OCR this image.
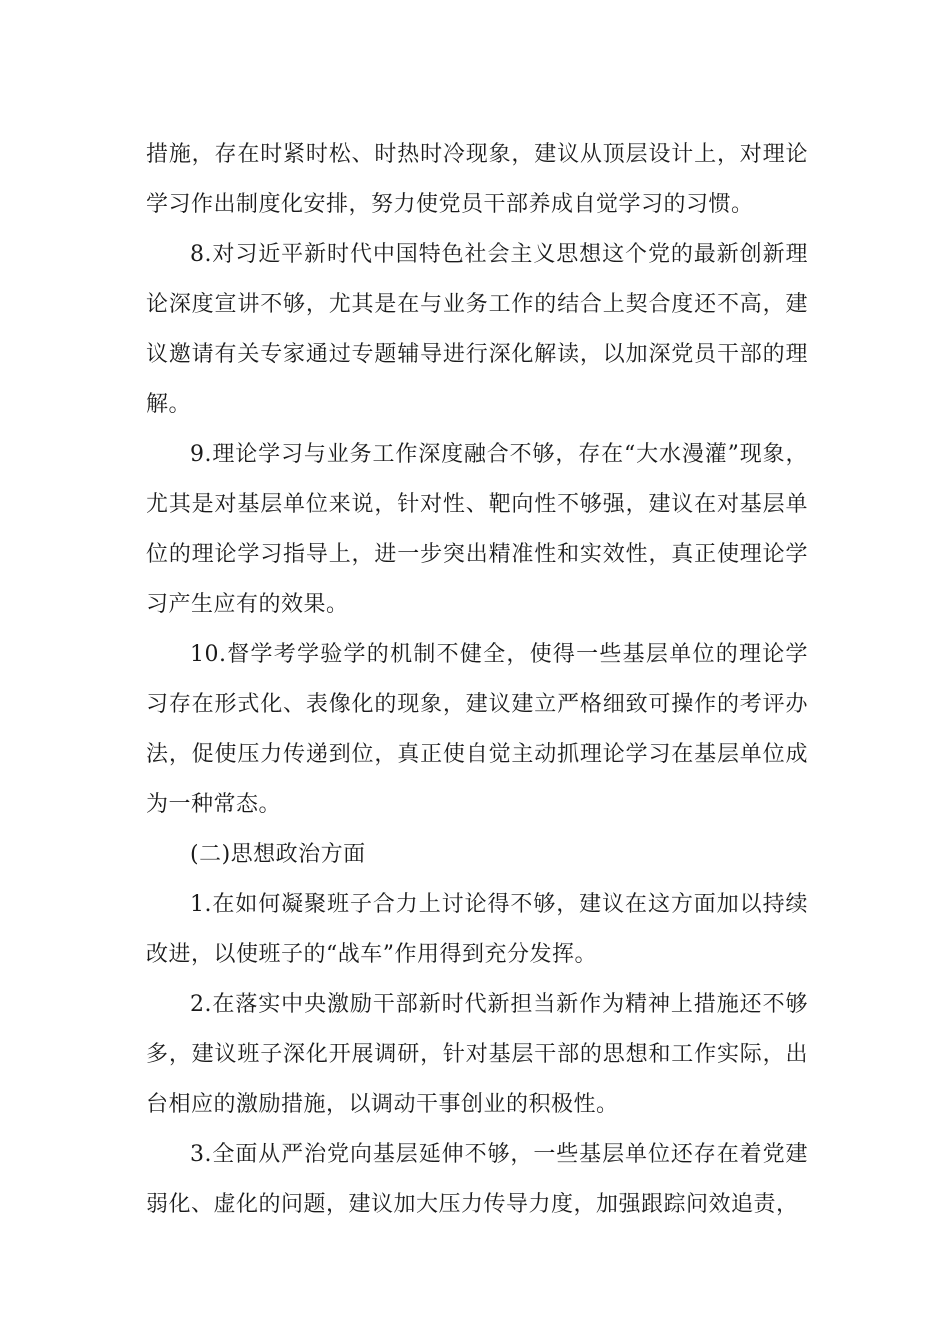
措施，存在时紧时松、时热时冷现象，建议从顶层设计上，对理论学习作出制度化安排，努力使党员干部养成自觉学习的习惯。

8.对习近平新时代中国特色社会主义思想这个党的最新创新理论深度宣讲不够，尤其是在与业务工作的结合上契合度还不高，建议邀请有关专家通过专题辅导进行深化解读，以加深党员干部的理解。

9.理论学习与业务工作深度融合不够，存在“大水漫灌”现象，尤其是对基层单位来说，针对性、靶向性不够强，建议在对基层单位的理论学习指导上，进一步突出精准性和实效性，真正使理论学习产生应有的效果。

10.督学考学验学的机制不健全，使得一些基层单位的理论学习存在形式化、表像化的现象，建议建立严格细致可操作的考评办法，促使压力传递到位，真正使自觉主动抓理论学习在基层单位成为一种常态。

(二)思想政治方面

1.在如何凝聚班子合力上讨论得不够，建议在这方面加以持续改进，以使班子的“战车”作用得到充分发挥。

2.在落实中央激励干部新时代新担当新作为精神上措施还不够多，建议班子深化开展调研，针对基层干部的思想和工作实际，出台相应的激励措施，以调动干事创业的积极性。

3.全面从严治党向基层延伸不够，一些基层单位还存在着党建弱化、虚化的问题，建议加大压力传导力度，加强跟踪问效追责，
